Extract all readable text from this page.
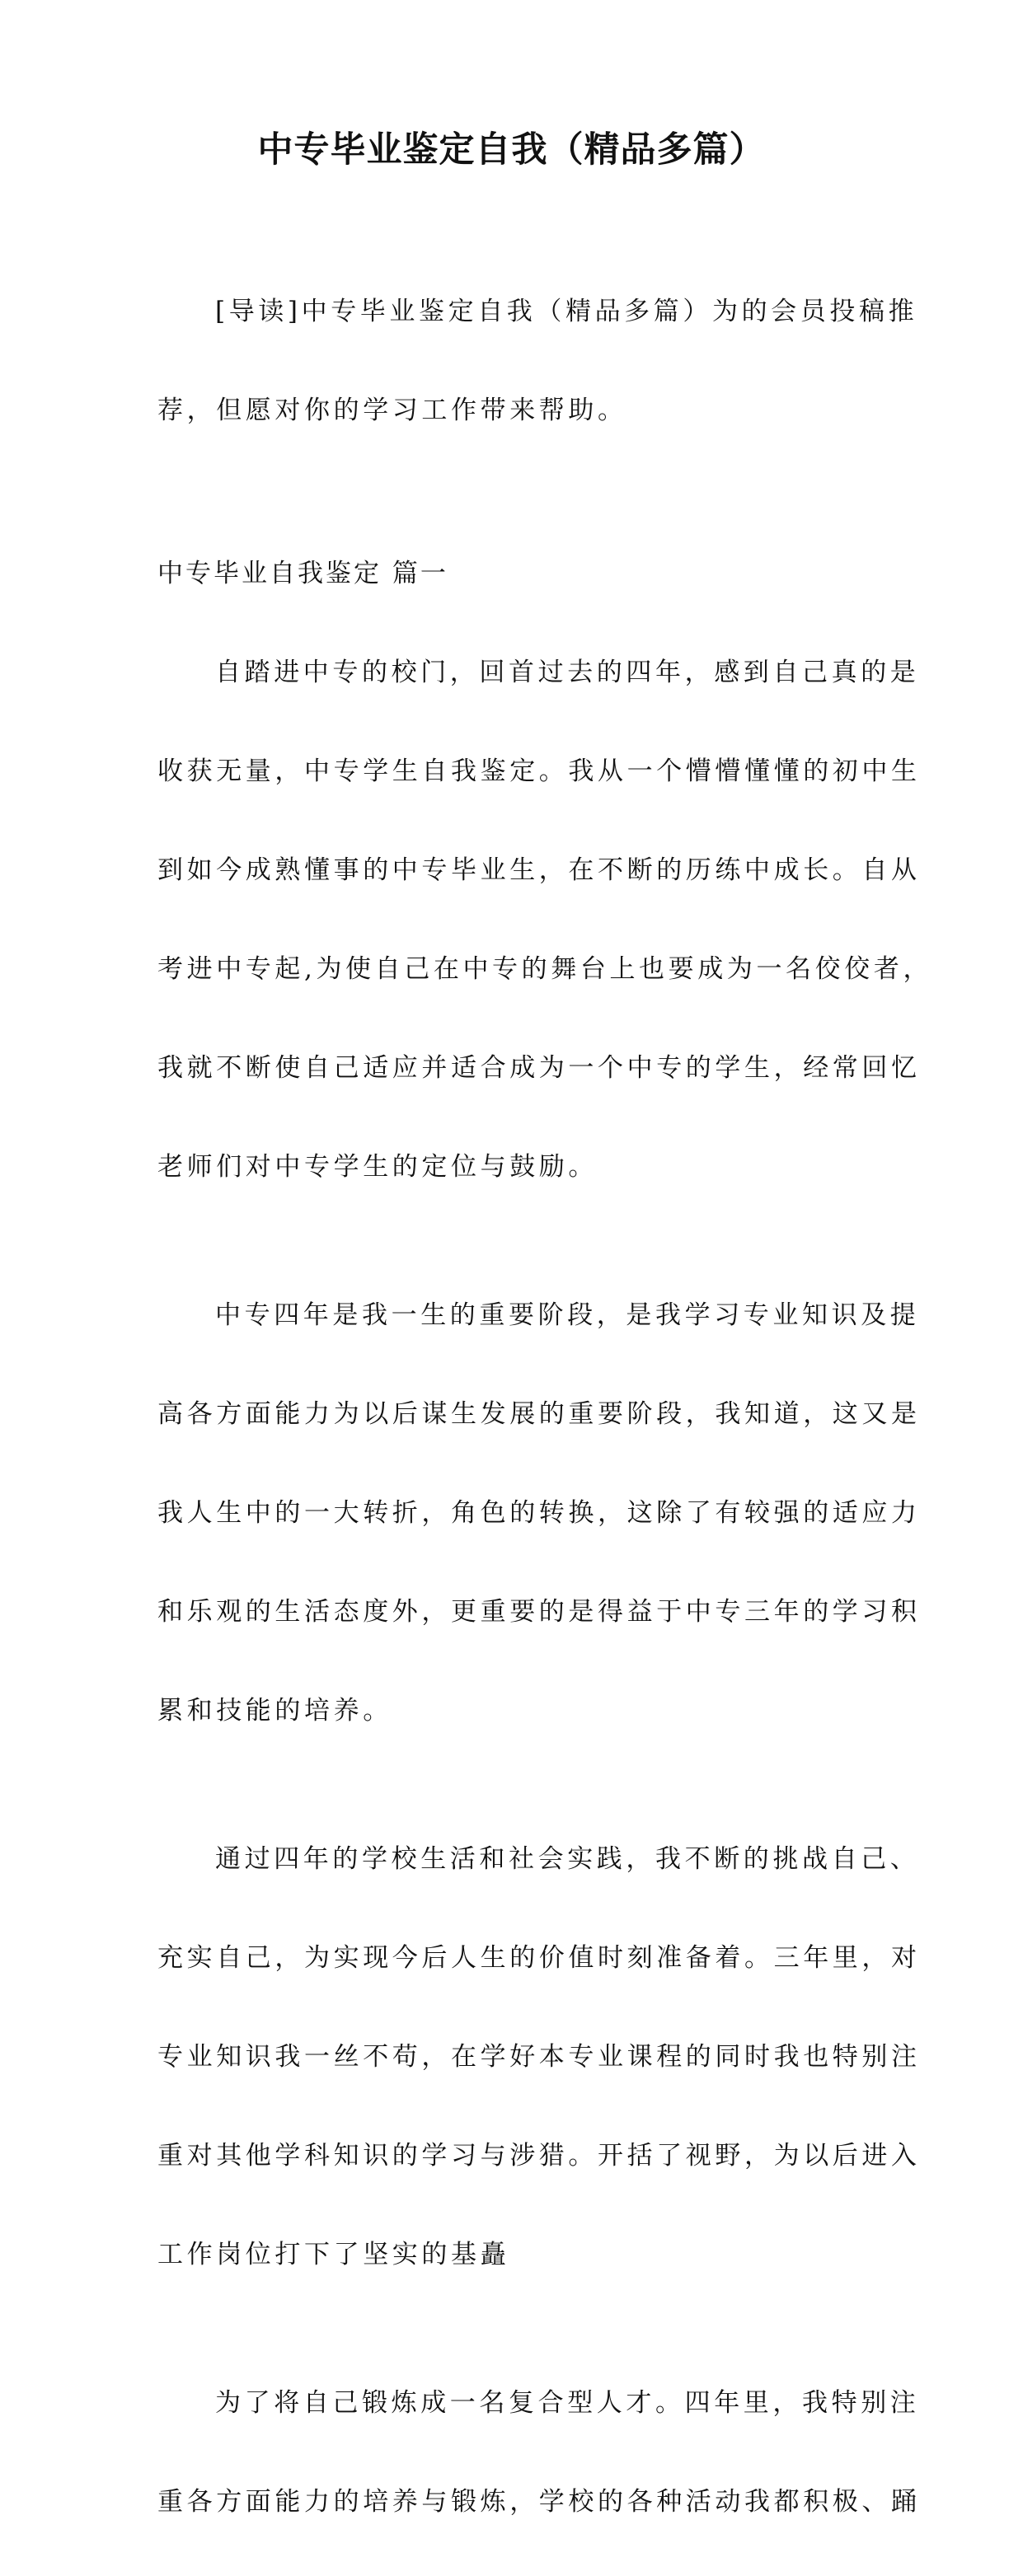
中专毕业鉴定自我（精品多篇）

[导读]中专毕业鉴定自我（精品多篇）为的会员投稿推

荐，但愿对你的学习工作带来帮助。

中专毕业自我鉴定 篇一

自踏进中专的校门，回首过去的四年，感到自己真的是

收获无量，中专学生自我鉴定。我从一个懵懵懂懂的初中生

到如今成熟懂事的中专毕业生，在不断的历练中成长。自从

考进中专起,为使自己在中专的舞台上也要成为一名佼佼者，

我就不断使自己适应并适合成为一个中专的学生，经常回忆

老师们对中专学生的定位与鼓励。

中专四年是我一生的重要阶段，是我学习专业知识及提

高各方面能力为以后谋生发展的重要阶段，我知道，这又是

我人生中的一大转折，角色的转换，这除了有较强的适应力

和乐观的生活态度外，更重要的是得益于中专三年的学习积

累和技能的培养。

通过四年的学校生活和社会实践，我不断的挑战自己、

充实自己，为实现今后人生的价值时刻准备着。三年里，对

专业知识我一丝不苟，在学好本专业课程的同时我也特别注

重对其他学科知识的学习与涉猎。开括了视野，为以后进入

工作岗位打下了坚实的基矗

为了将自己锻炼成一名复合型人才。四年里，我特别注

重各方面能力的培养与锻炼，学校的各种活动我都积极、踊
